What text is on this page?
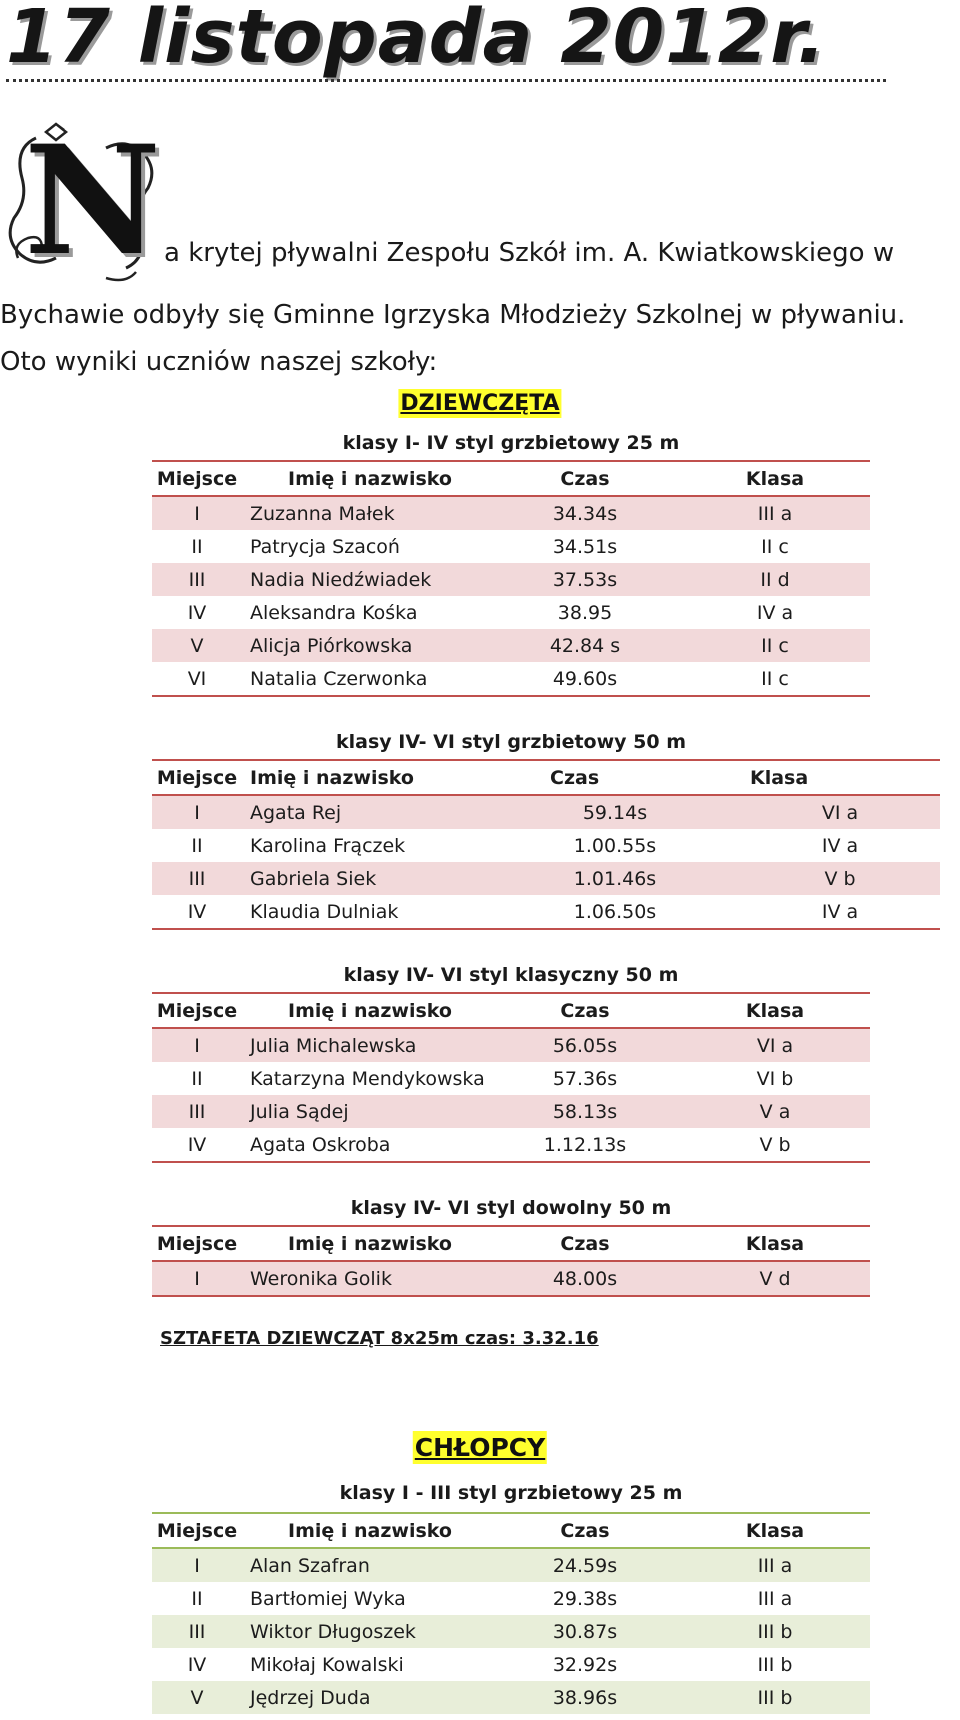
17 listopada 2012r.
N a krytej pływalni Zespołu Szkół im. A. Kwiatkowskiego w
Bychawie odbyły się Gminne Igrzyska Młodzieży Szkolnej w pływaniu.
Oto wyniki uczniów naszej szkoły:
DZIEWCZĘTA
klasy I- IV styl grzbietowy 25 m
Miejsce	Imię i nazwisko	Czas	Klasa
I	Zuzanna Małek	34.34s	III a
II	Patrycja Szacoń	34.51s	II c
III	Nadia Niedźwiadek	37.53s	II d
IV	Aleksandra Kośka	38.95	IV a
V	Alicja Piórkowska	42.84 s	II c
VI	Natalia Czerwonka	49.60s	II c
klasy IV- VI styl grzbietowy 50 m
Miejsce	Imię i nazwisko	Czas	Klasa
I	Agata Rej	59.14s	VI a
II	Karolina Frączek	1.00.55s	IV a
III	Gabriela Siek	1.01.46s	V b
IV	Klaudia Dulniak	1.06.50s	IV a
klasy IV- VI styl klasyczny 50 m
Miejsce	Imię i nazwisko	Czas	Klasa
I	Julia Michalewska	56.05s	VI a
II	Katarzyna Mendykowska	57.36s	VI b
III	Julia Sądej	58.13s	V a
IV	Agata Oskroba	1.12.13s	V b
klasy IV- VI styl dowolny 50 m
Miejsce	Imię i nazwisko	Czas	Klasa
I	Weronika Golik	48.00s	V d
SZTAFETA DZIEWCZĄT 8x25m czas: 3.32.16
CHŁOPCY
klasy I - III styl grzbietowy 25 m
Miejsce	Imię i nazwisko	Czas	Klasa
I	Alan Szafran	24.59s	III a
II	Bartłomiej Wyka	29.38s	III a
III	Wiktor Długoszek	30.87s	III b
IV	Mikołaj Kowalski	32.92s	III b
V	Jędrzej Duda	38.96s	III b
